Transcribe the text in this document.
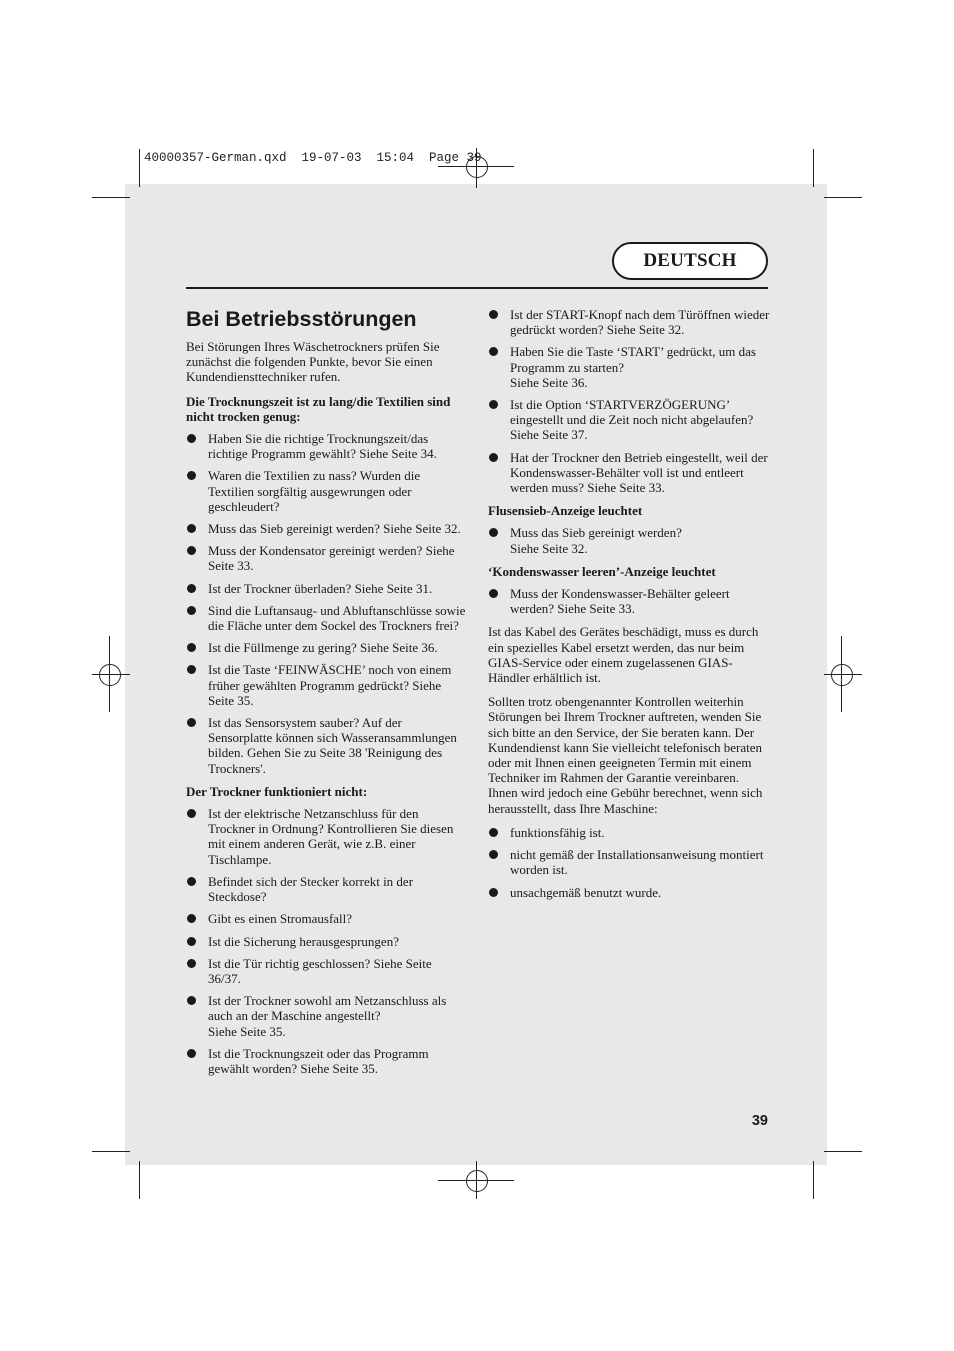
40000357-German.qxd  19-07-03  15:04  Page 39
DEUTSCH
Bei Betriebsstörungen

Bei Störungen Ihres Wäschetrockners prüfen Sie zunächst die folgenden Punkte, bevor Sie einen Kundendiensttechniker rufen.

Die Trocknungszeit ist zu lang/die Textilien sind nicht trocken genug:

Haben Sie die richtige Trocknungszeit/das richtige Programm gewählt? Siehe Seite 34.
Waren die Textilien zu nass? Wurden die Textilien sorgfältig ausgewrungen oder geschleudert?
Muss das Sieb gereinigt werden? Siehe Seite 32.
Muss der Kondensator gereinigt werden? Siehe Seite 33.
Ist der Trockner überladen? Siehe Seite 31.
Sind die Luftansaug- und Abluftanschlüsse sowie die Fläche unter dem Sockel des Trockners frei?
Ist die Füllmenge zu gering? Siehe Seite 36.
Ist die Taste ‘FEINWÄSCHE’ noch von einem früher gewählten Programm gedrückt? Siehe Seite 35.
Ist das Sensorsystem sauber? Auf der Sensorplatte können sich Wasseransammlungen bilden. Gehen Sie zu Seite 38 'Reinigung des Trockners'.

Der Trockner funktioniert nicht:

Ist der elektrische Netzanschluss für den Trockner in Ordnung? Kontrollieren Sie diesen mit einem anderen Gerät, wie z.B. einer Tischlampe.
Befindet sich der Stecker korrekt in der Steckdose?
Gibt es einen Stromausfall?
Ist die Sicherung herausgesprungen?
Ist die Tür richtig geschlossen? Siehe Seite 36/37.
Ist der Trockner sowohl am Netzanschluss als auch an der Maschine angestellt?
Siehe Seite 35.
Ist die Trocknungszeit oder das Programm gewählt worden? Siehe Seite 35.
Ist der START-Knopf nach dem Türöffnen wieder gedrückt worden? Siehe Seite 32.
Haben Sie die Taste ‘START’ gedrückt, um das Programm zu starten?
Siehe Seite 36.
Ist die Option ‘STARTVERZÖGERUNG’ eingestellt und die Zeit noch nicht abgelaufen?
Siehe Seite 37.
Hat der Trockner den Betrieb eingestellt, weil der Kondenswasser-Behälter voll ist und entleert werden muss? Siehe Seite 33.

Flusensieb-Anzeige leuchtet

Muss das Sieb gereinigt werden?
Siehe Seite 32.

‘Kondenswasser leeren’-Anzeige leuchtet

Muss der Kondenswasser-Behälter geleert werden? Siehe Seite 33.

Ist das Kabel des Gerätes beschädigt, muss es durch ein spezielles Kabel ersetzt werden, das nur beim GIAS-Service oder einem zugelassenen GIAS-Händler erhältlich ist.

Sollten trotz obengenannter Kontrollen weiterhin Störungen bei Ihrem Trockner auftreten, wenden Sie sich bitte an den Service, der Sie beraten kann. Der Kundendienst kann Sie vielleicht telefonisch beraten oder mit Ihnen einen geeigneten Termin mit einem Techniker im Rahmen der Garantie vereinbaren. Ihnen wird jedoch eine Gebühr berechnet, wenn sich herausstellt, dass Ihre Maschine:

funktionsfähig ist.
nicht gemäß der Installationsanweisung montiert worden ist.
unsachgemäß benutzt wurde.
39
